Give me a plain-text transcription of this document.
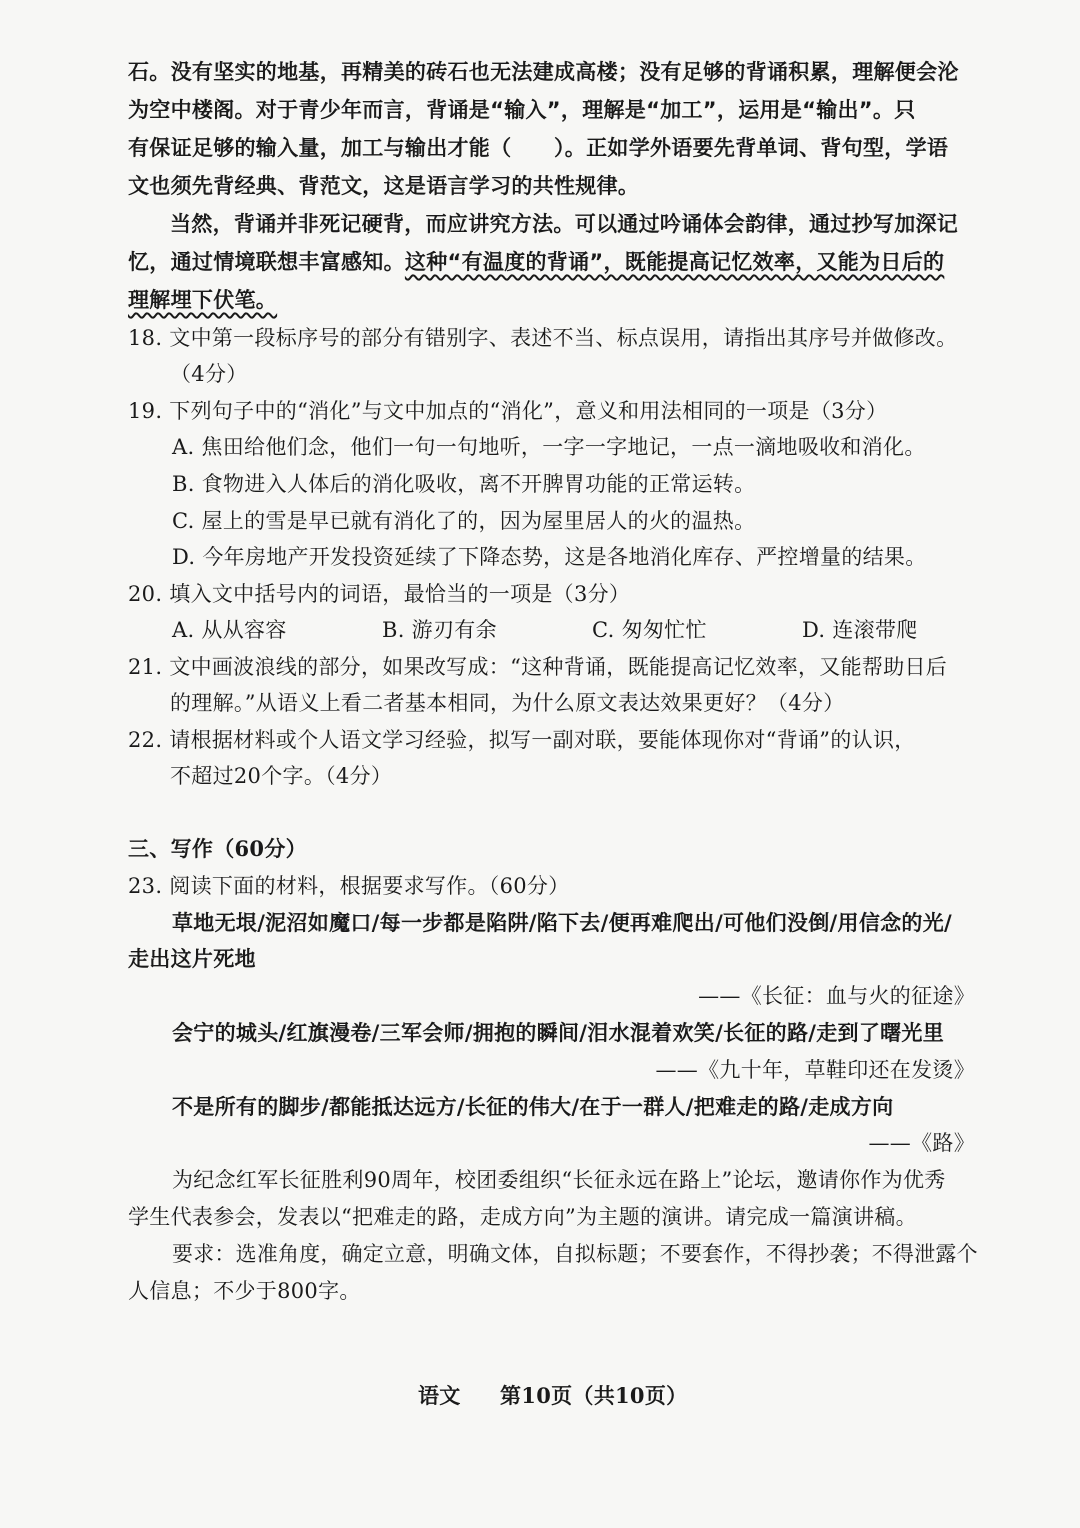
石。没有坚实的地基，再精美的砖石也无法建成高楼；没有足够的背诵积累，理解便会沦
为空中楼阁。对于青少年而言，背诵是“输入”，理解是“加工”，运用是“输出”。只
有保证足够的输入量，加工与输出才能（　　）。正如学外语要先背单词、背句型，学语
文也须先背经典、背范文，这是语言学习的共性规律。
当然，背诵并非死记硬背，而应讲究方法。可以通过吟诵体会韵律，通过抄写加深记
忆，通过情境联想丰富感知。这种“有温度的背诵”，既能提高记忆效率，又能为日后的
理解埋下伏笔。
18. 文中第一段标序号的部分有错别字、表述不当、标点误用，请指出其序号并做修改。
（4分）
19. 下列句子中的“消化”与文中加点的“消化”，意义和用法相同的一项是（3分）
A. 焦田给他们念，他们一句一句地听，一字一字地记，一点一滴地吸收和消化。
B. 食物进入人体后的消化吸收，离不开脾胃功能的正常运转。
C. 屋上的雪是早已就有消化了的，因为屋里居人的火的温热。
D. 今年房地产开发投资延续了下降态势，这是各地消化库存、严控增量的结果。
20. 填入文中括号内的词语，最恰当的一项是（3分）
A. 从从容容	B. 游刃有余	C. 匆匆忙忙	D. 连滚带爬
21. 文中画波浪线的部分，如果改写成：“这种背诵，既能提高记忆效率，又能帮助日后
的理解。”从语义上看二者基本相同，为什么原文表达效果更好？（4分）
22. 请根据材料或个人语文学习经验，拟写一副对联，要能体现你对“背诵”的认识，
不超过20个字。（4分）
三、写作（60分）
23. 阅读下面的材料，根据要求写作。（60分）
草地无垠/泥沼如魔口/每一步都是陷阱/陷下去/便再难爬出/可他们没倒/用信念的光/
走出这片死地
——《长征：血与火的征途》
会宁的城头/红旗漫卷/三军会师/拥抱的瞬间/泪水混着欢笑/长征的路/走到了曙光里
——《九十年，草鞋印还在发烫》
不是所有的脚步/都能抵达远方/长征的伟大/在于一群人/把难走的路/走成方向
——《路》
为纪念红军长征胜利90周年，校团委组织“长征永远在路上”论坛，邀请你作为优秀
学生代表参会，发表以“把难走的路，走成方向”为主题的演讲。请完成一篇演讲稿。
要求：选准角度，确定立意，明确文体，自拟标题；不要套作，不得抄袭；不得泄露个
人信息；不少于800字。
语文 第10页（共10页）
